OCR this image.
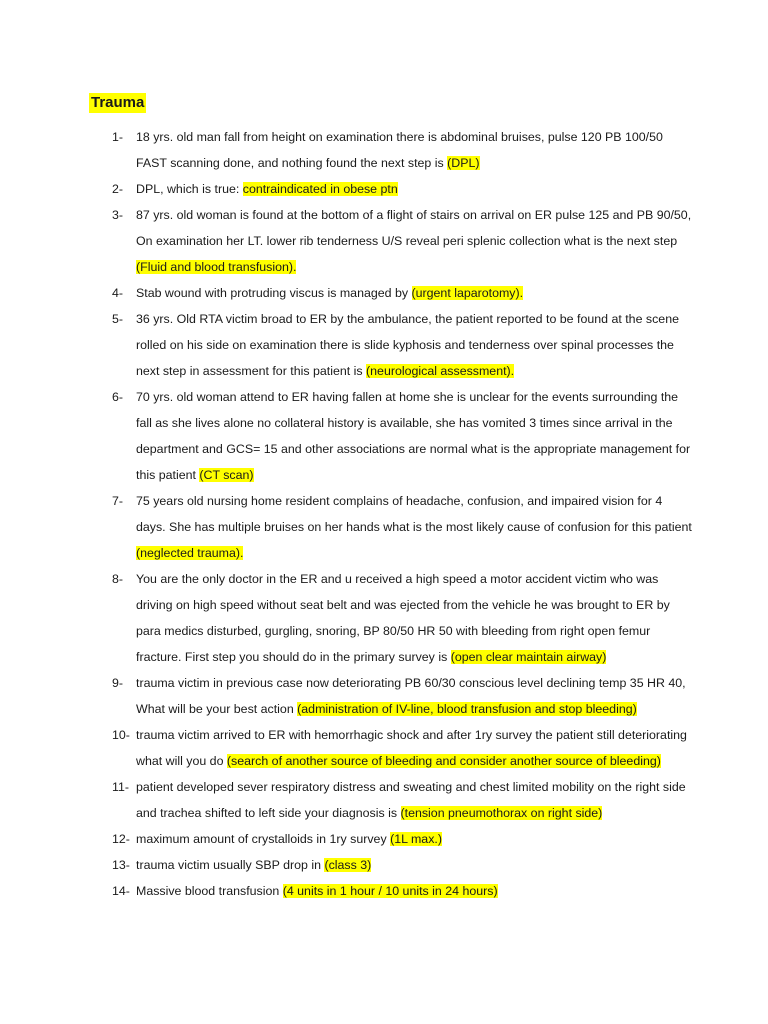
Trauma
1-	18 yrs. old man fall from height on examination there is abdominal bruises, pulse 120 PB 100/50 FAST scanning done, and nothing found the next step is (DPL)
2-	DPL, which is true: contraindicated in obese ptn
3-	87 yrs. old woman is found at the bottom of a flight of stairs on arrival on ER pulse 125 and PB 90/50, On examination her LT. lower rib tenderness U/S reveal peri splenic collection what is the next step (Fluid and blood transfusion).
4-	Stab wound with protruding viscus is managed by (urgent laparotomy).
5-	36 yrs. Old RTA victim broad to ER by the ambulance, the patient reported to be found at the scene rolled on his side on examination there is slide kyphosis and tenderness over spinal processes the next step in assessment for this patient is (neurological assessment).
6-	70 yrs. old woman attend to ER having fallen at home she is unclear for the events surrounding the fall as she lives alone no collateral history is available, she has vomited 3 times since arrival in the department and GCS= 15 and other associations are normal what is the appropriate management for this patient (CT scan)
7-	75 years old nursing home resident complains of headache, confusion, and impaired vision for 4 days. She has multiple bruises on her hands what is the most likely cause of confusion for this patient (neglected trauma).
8-	You are the only doctor in the ER and u received a high speed a motor accident victim who was driving on high speed without seat belt and was ejected from the vehicle he was brought to ER by para medics disturbed, gurgling, snoring, BP 80/50 HR 50 with bleeding from right open femur fracture. First step you should do in the primary survey is (open clear maintain airway)
9-	trauma victim in previous case now deteriorating PB 60/30 conscious level declining temp 35 HR 40, What will be your best action (administration of IV-line, blood transfusion and stop bleeding)
10- trauma victim arrived to ER with hemorrhagic shock and after 1ry survey the patient still deteriorating what will you do (search of another source of bleeding and consider another source of bleeding)
11- patient developed sever respiratory distress and sweating and chest limited mobility on the right side and trachea shifted to left side your diagnosis is (tension pneumothorax on right side)
12- maximum amount of crystalloids in 1ry survey (1L max.)
13- trauma victim usually SBP drop in (class 3)
14- Massive blood transfusion (4 units in 1 hour / 10 units in 24 hours)
